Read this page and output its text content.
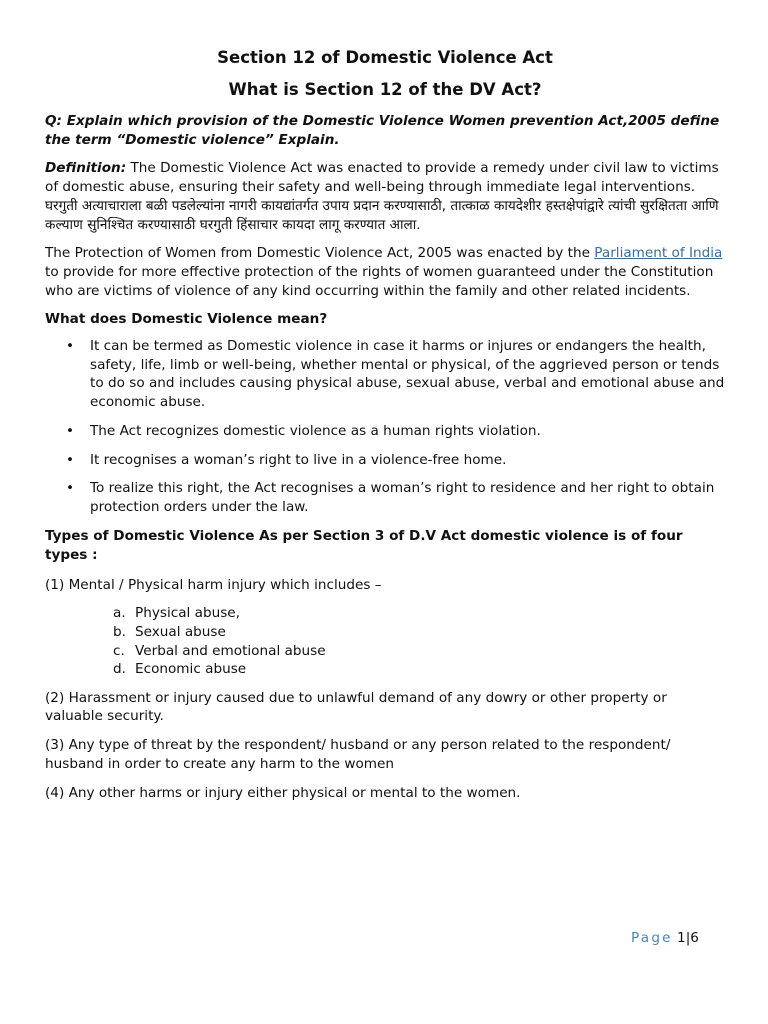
Section 12 of Domestic Violence Act
What is Section 12 of the DV Act?

Q: Explain which provision of the Domestic Violence Women prevention Act,2005 define the term “Domestic violence” Explain.

Definition: The Domestic Violence Act was enacted to provide a remedy under civil law to victims of domestic abuse, ensuring their safety and well-being through immediate legal interventions. घरगुती अत्याचाराला बळी पडलेल्यांना नागरी कायद्यांतर्गत उपाय प्रदान करण्यासाठी, तात्काळ कायदेशीर हस्तक्षेपांद्वारे त्यांची सुरक्षितता आणि कल्याण सुनिश्चित करण्यासाठी घरगुती हिंसाचार कायदा लागू करण्यात आला.

The Protection of Women from Domestic Violence Act, 2005 was enacted by the Parliament of India to provide for more effective protection of the rights of women guaranteed under the Constitution who are victims of violence of any kind occurring within the family and other related incidents.

What does Domestic Violence mean?

• It can be termed as Domestic violence in case it harms or injures or endangers the health, safety, life, limb or well-being, whether mental or physical, of the aggrieved person or tends to do so and includes causing physical abuse, sexual abuse, verbal and emotional abuse and economic abuse.
• The Act recognizes domestic violence as a human rights violation.
• It recognises a woman’s right to live in a violence-free home.
• To realize this right, the Act recognises a woman’s right to residence and her right to obtain protection orders under the law.

Types of Domestic Violence As per Section 3 of D.V Act domestic violence is of four types :

(1) Mental / Physical harm injury which includes –

a. Physical abuse,
b. Sexual abuse
c. Verbal and emotional abuse
d. Economic abuse

(2) Harassment or injury caused due to unlawful demand of any dowry or other property or valuable security.

(3) Any type of threat by the respondent/ husband or any person related to the respondent/ husband in order to create any harm to the women

(4) Any other harms or injury either physical or mental to the women.

Page 1|6
